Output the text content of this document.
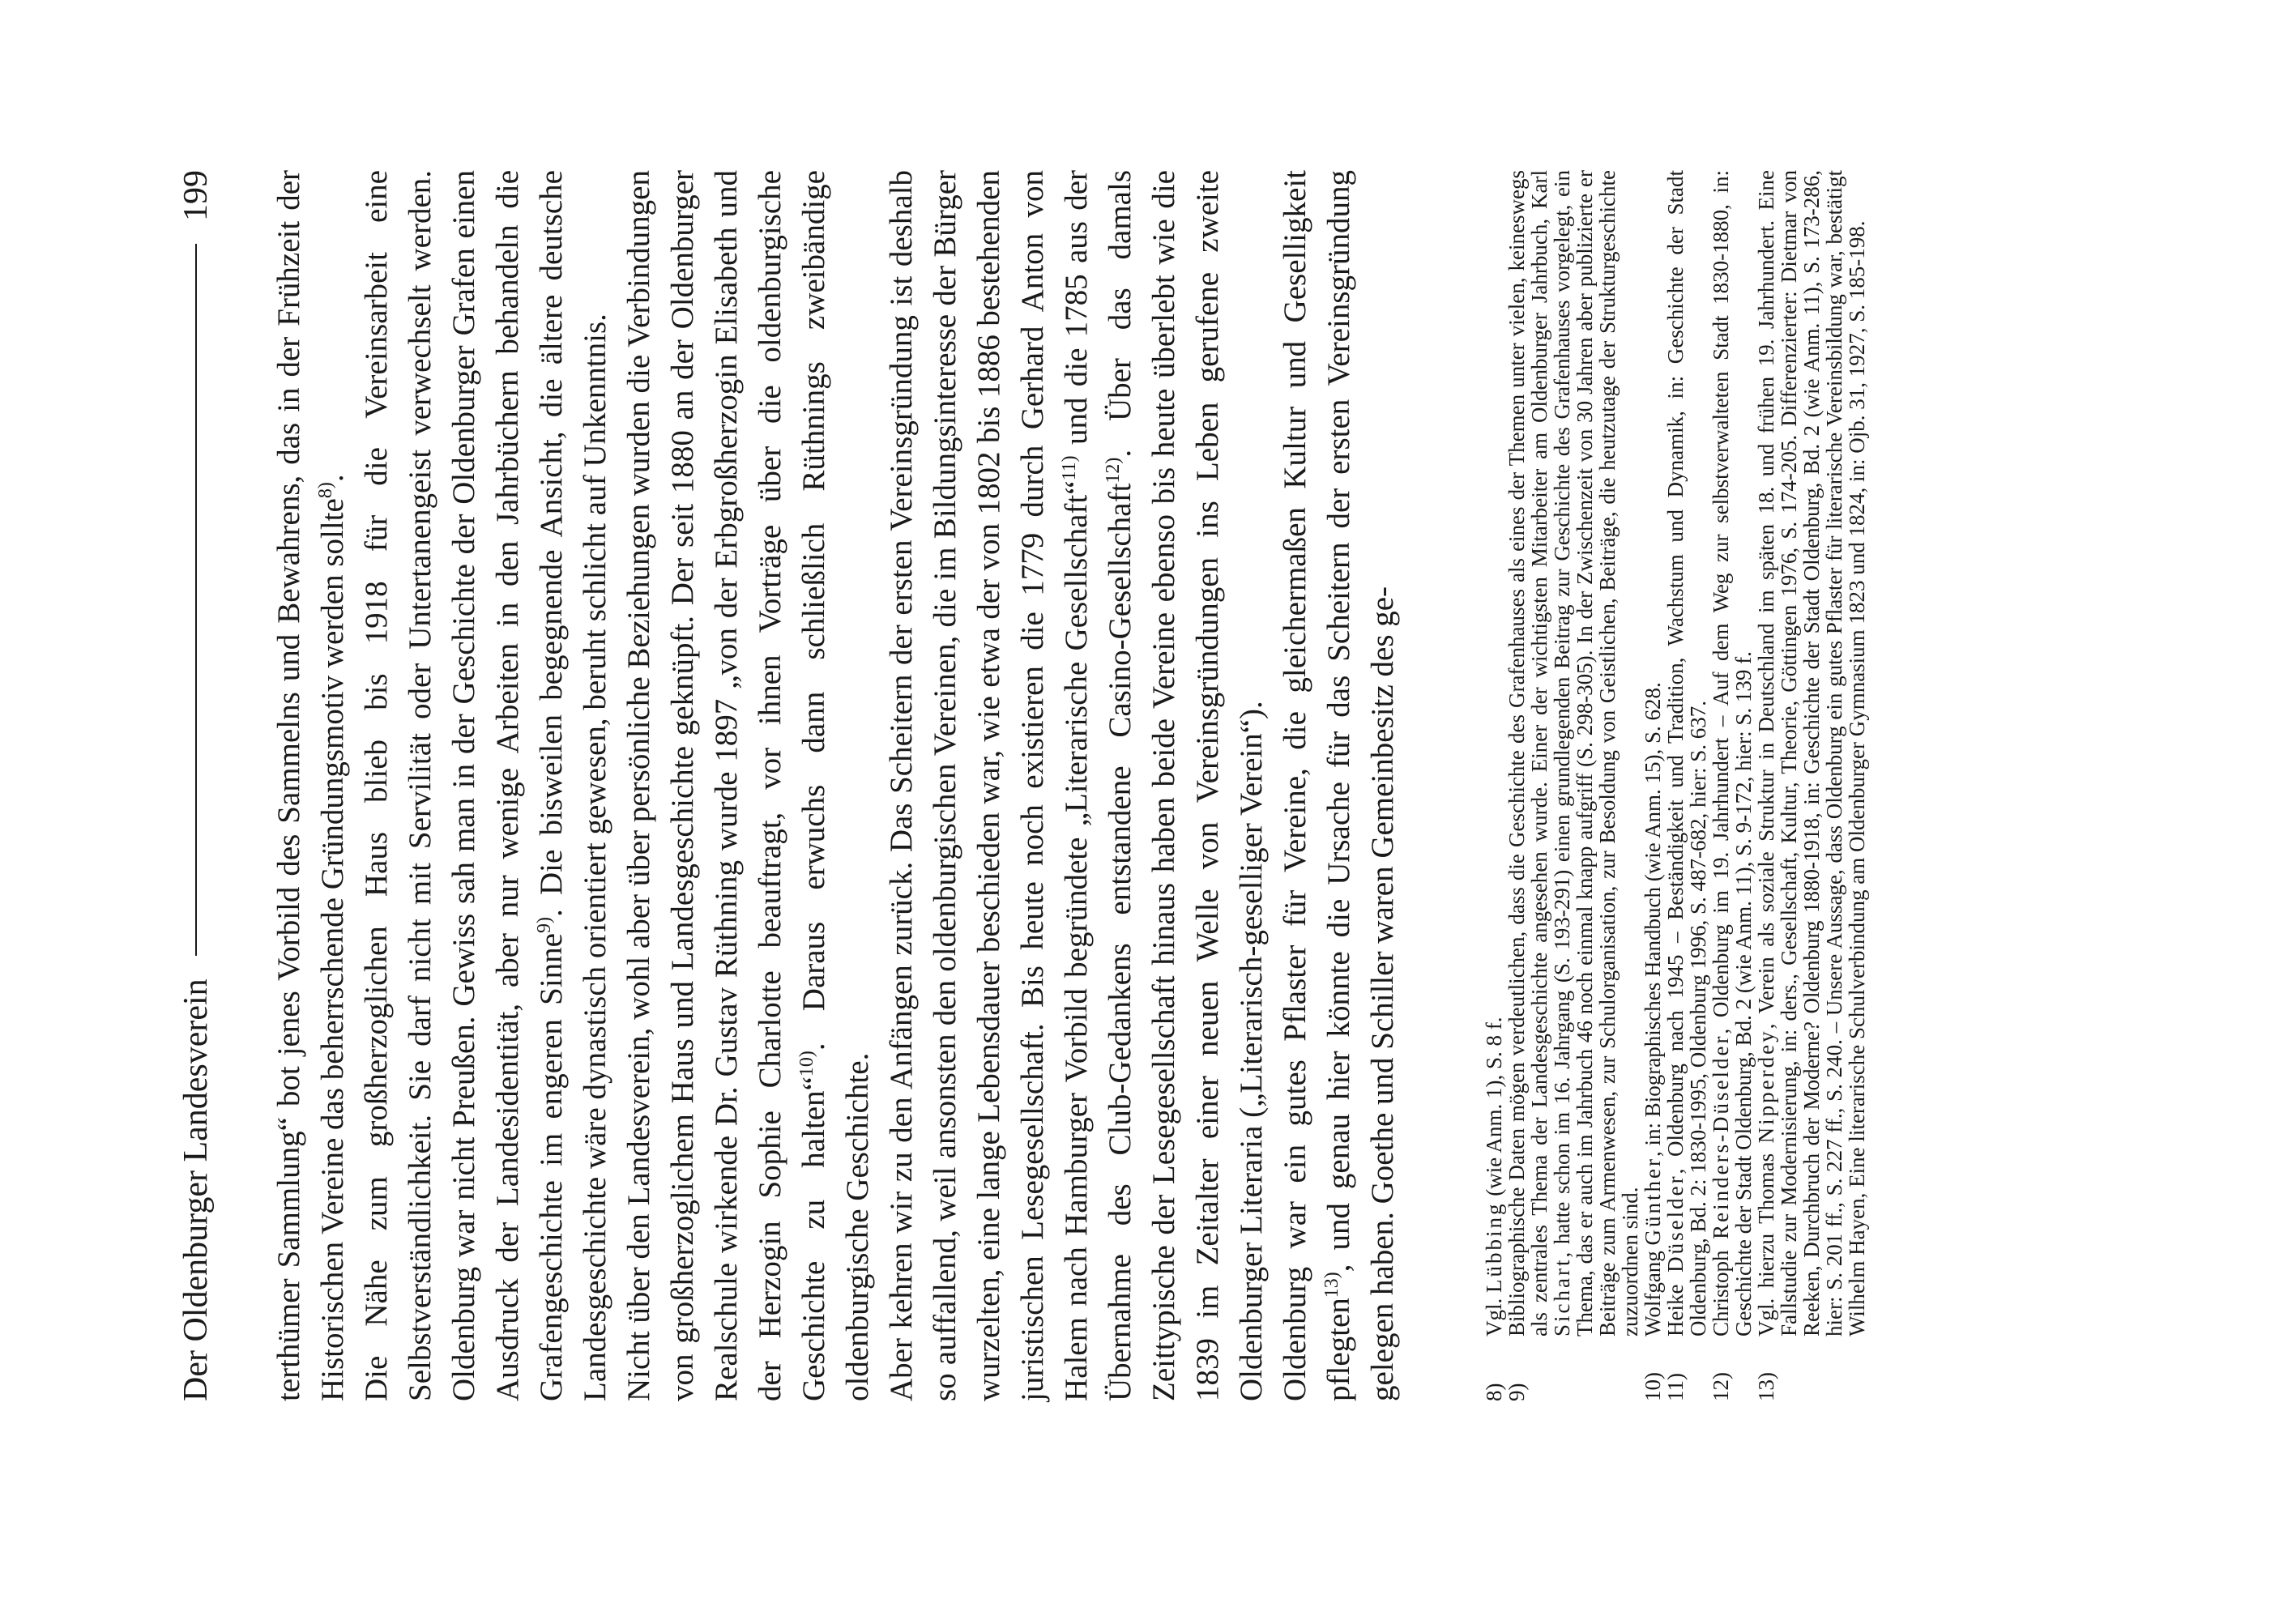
Der Oldenburger Landesverein
199 terthümer Sammlung“ bot jenes Vorbild des Sammelns und Bewahrens, das in der Frühzeit der Historischen Vereine das beherrschende Gründungsmotiv werden sollte$^{8)}$. Die Nähe zum großherzoglichen Haus blieb bis 1918 für die Vereinsarbeit eine Selbstverständlichkeit. Sie darf nicht mit Servilität oder Untertanengeist verwechselt werden. Oldenburg war nicht Preußen. Gewiss sah man in der Geschichte der Oldenburger Grafen einen Ausdruck der Landesidentität, aber nur wenige Arbeiten in den Jahrbüchern behandeln die Grafengeschichte im engeren Sinne$^{9)}$. Die bisweilen begegnende Ansicht, die ältere deutsche Landesgeschichte wäre dynastisch orientiert gewesen, beruht schlicht auf Unkenntnis. Nicht über den Landesverein, wohl aber über persönliche Beziehungen wurden die Verbindungen von großherzoglichem Haus und Landesgeschichte geknüpft. Der seit 1880 an der Oldenburger Realschule wirkende Dr. Gustav Rüthning wurde 1897 „von der Erbgroßherzogin Elisabeth und der Herzogin Sophie Charlotte beauftragt, vor ihnen Vorträge über die oldenburgische Geschichte zu halten“$^{10)}$. Daraus erwuchs dann schließlich Rüthnings zweibändige oldenburgische Geschichte. Aber kehren wir zu den Anfängen zurück. Das Scheitern der ersten Vereinsgründung ist deshalb so auffallend, weil ansonsten den oldenburgischen Vereinen, die im Bildungsinteresse der Bürger wurzelten, eine lange Lebensdauer beschieden war, wie etwa der von 1802 bis 1886 bestehenden juristischen Lesegesellschaft. Bis heute noch existieren die 1779 durch Gerhard Anton von Halem nach Hamburger Vorbild begründete „Literarische Gesellschaft“$^{11)}$ und die 1785 aus der Übernahme des Club-Gedankens entstandene Casino-Gesellschaft$^{12)}$. Über das damals Zeittypische der Lesegesellschaft hinaus haben beide Vereine ebenso bis heute überlebt wie die 1839 im Zeitalter einer neuen Welle von Vereinsgründungen ins Leben gerufene zweite Oldenburger Literaria („Literarisch-geselliger Verein“). Oldenburg war ein gutes Pflaster für Vereine, die gleichermaßen Kultur und Geselligkeit pflegten$^{13)}$, und genau hier könnte die Ursache für das Scheitern der ersten Vereinsgründung gelegen haben. Goethe und Schiller waren Gemeinbesitz des ge-	8)
Vgl. Lübbing (wie Anm. 1), S. 8 f.

9)
Bibliographische Daten mögen verdeutlichen, dass die Geschichte des Grafenhauses als eines der Themen unter vielen, keineswegs als zentrales Thema der Landesgeschichte angesehen wurde. Einer der wichtigsten Mitarbeiter am Oldenburger Jahrbuch, Karl Sichart, hatte schon im 16. Jahrgang (S. 193-291) einen grundlegenden Beitrag zur Geschichte des Grafenhauses vorgelegt, ein Thema, das er auch im Jahrbuch 46 noch einmal knapp aufgriff (S. 298-305). In der Zwischenzeit von 30 Jahren aber publizierte er Beiträge zum Armenwesen, zur Schulorganisation, zur Besoldung von Geistlichen, Beiträge, die heutzutage der Strukturgeschichte zuzuordnen sind.

10)
Wolfgang Günther, in: Biographisches Handbuch (wie Anm. 15), S. 628.

11)
Heike Düselder, Oldenburg nach 1945 – Beständigkeit und Tradition, Wachstum und Dynamik, in: Geschichte der Stadt Oldenburg, Bd. 2: 1830-1995, Oldenburg 1996, S. 487-682, hier: S. 637.

12)
Christoph Reinders-Düselder, Oldenburg im 19. Jahrhundert – Auf dem Weg zur selbstverwalteten Stadt 1830-1880, in: Geschichte der Stadt Oldenburg, Bd. 2 (wie Anm. 11), S. 9-172, hier: S. 139 f.

13)
Vgl. hierzu Thomas Nipperdey, Verein als soziale Struktur in Deutschland im späten 18. und frühen 19. Jahrhundert. Eine Fallstudie zur Modernisierung, in: ders., Gesellschaft, Kultur, Theorie, Göttingen 1976, S. 174-205. Differenzierter: Dietmar von Reeken, Durchbruch der Moderne? Oldenburg 1880-1918, in: Geschichte der Stadt Oldenburg, Bd. 2 (wie Anm. 11), S. 173-286, hier: S. 201 ff., S. 227 ff., S. 240. – Unsere Aussage, dass Oldenburg ein gutes Pflaster für literarische Vereinsbildung war, bestätigt Wilhelm Hayen, Eine literarische Schulverbindung am Oldenburger Gymnasium 1823 und 1824, in: Ojb. 31, 1927, S. 185-198.
